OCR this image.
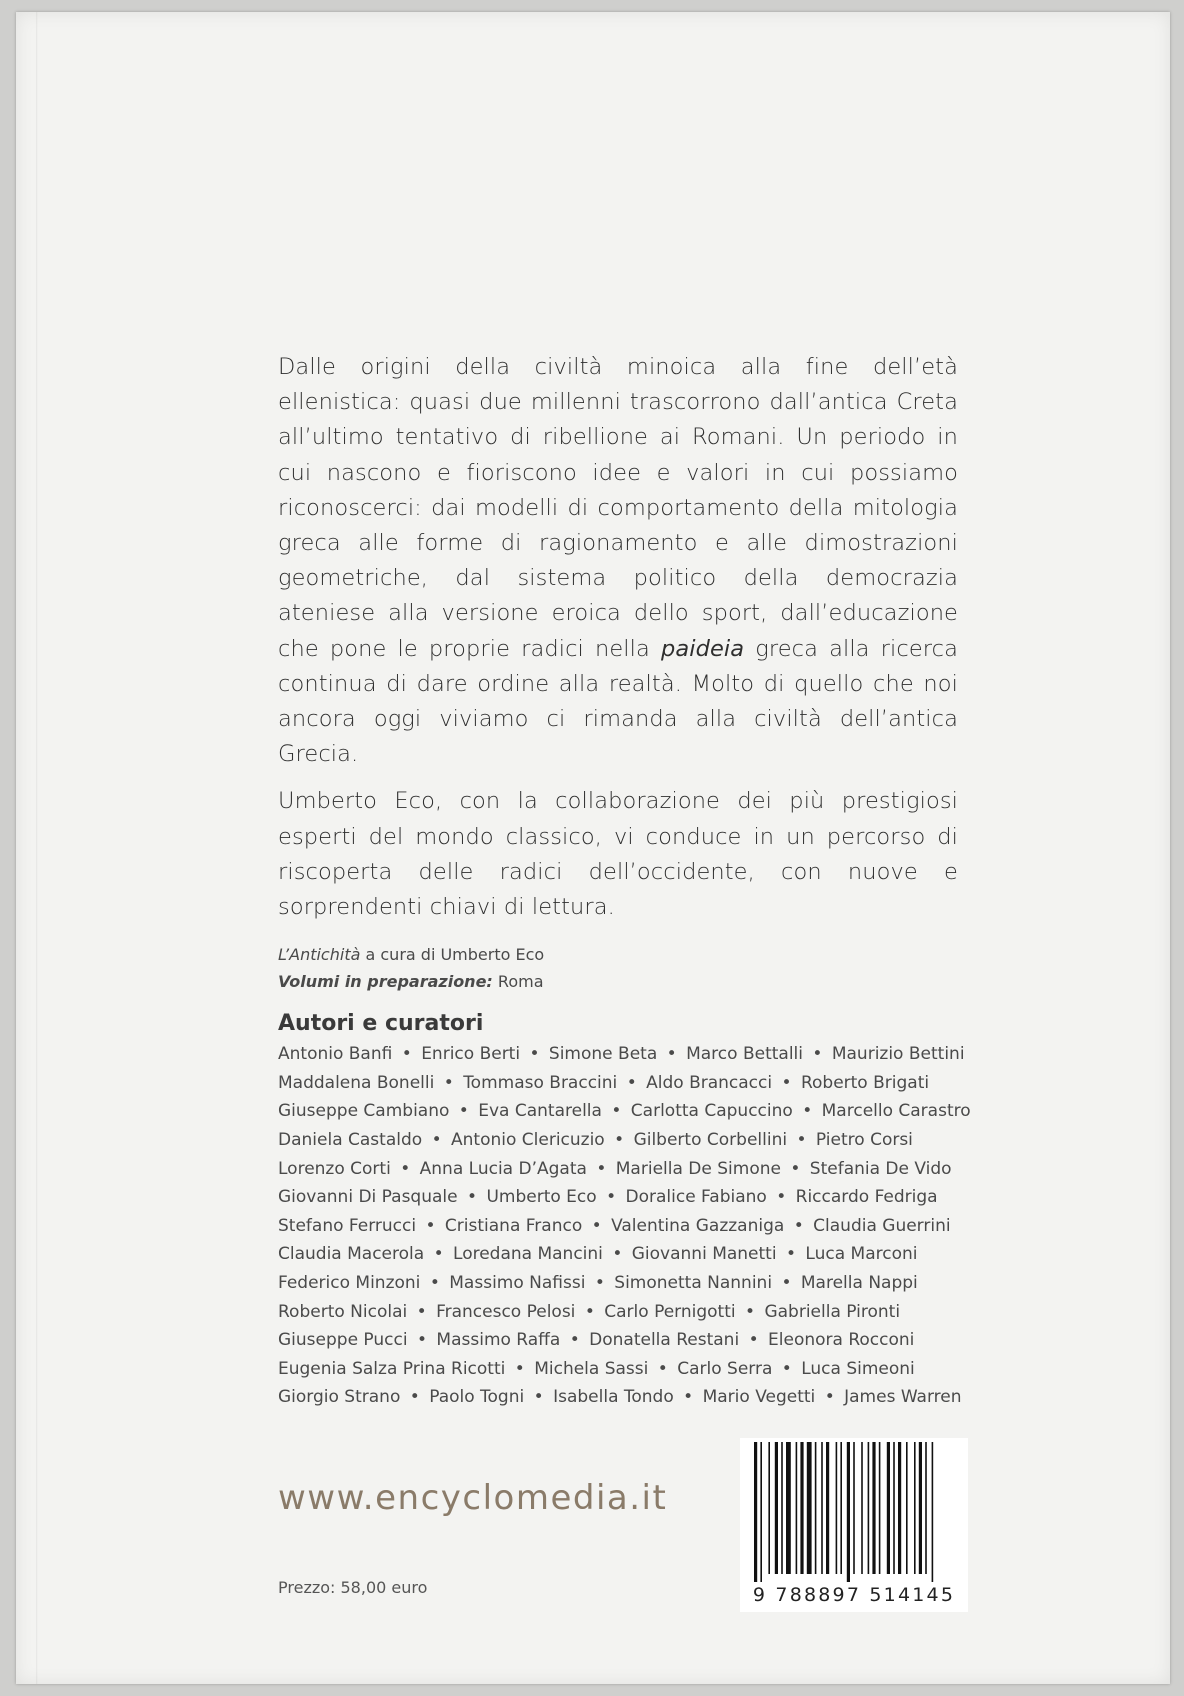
Dalle origini della civiltà minoica alla fine dell’età ellenistica: quasi due millenni trascorrono dall’antica Creta all’ultimo tentativo di ribellione ai Romani. Un periodo in cui nascono e fioriscono idee e valori in cui possiamo riconoscerci: dai modelli di comportamento della mitologia greca alle forme di ragionamento e alle dimostrazioni geometriche, dal sistema politico della democrazia ateniese alla versione eroica dello sport, dall’educazione che pone le proprie radici nella paideia greca alla ricerca continua di dare ordine alla realtà. Molto di quello che noi ancora oggi viviamo ci rimanda alla civiltà dell’antica Grecia.

Umberto Eco, con la collaborazione dei più prestigiosi esperti del mondo classico, vi conduce in un percorso di riscoperta delle radici dell’occidente, con nuove e sorprendenti chiavi di lettura.

L’Antichità a cura di Umberto Eco
Volumi in preparazione: Roma
Autori e curatori
Antonio Banfi • Enrico Berti • Simone Beta • Marco Bettalli • Maurizio Bettini
Maddalena Bonelli • Tommaso Braccini • Aldo Brancacci • Roberto Brigati
Giuseppe Cambiano • Eva Cantarella • Carlotta Capuccino • Marcello Carastro
Daniela Castaldo • Antonio Clericuzio • Gilberto Corbellini • Pietro Corsi
Lorenzo Corti • Anna Lucia D’Agata • Mariella De Simone • Stefania De Vido
Giovanni Di Pasquale • Umberto Eco • Doralice Fabiano • Riccardo Fedriga
Stefano Ferrucci • Cristiana Franco • Valentina Gazzaniga • Claudia Guerrini
Claudia Macerola • Loredana Mancini • Giovanni Manetti • Luca Marconi
Federico Minzoni • Massimo Nafissi • Simonetta Nannini • Marella Nappi
Roberto Nicolai • Francesco Pelosi • Carlo Pernigotti • Gabriella Pironti
Giuseppe Pucci • Massimo Raffa • Donatella Restani • Eleonora Rocconi
Eugenia Salza Prina Ricotti • Michela Sassi • Carlo Serra • Luca Simeoni
Giorgio Strano • Paolo Togni • Isabella Tondo • Mario Vegetti • James Warren
www.encyclomedia.it
Prezzo: 58,00 euro	9 788897 514145
